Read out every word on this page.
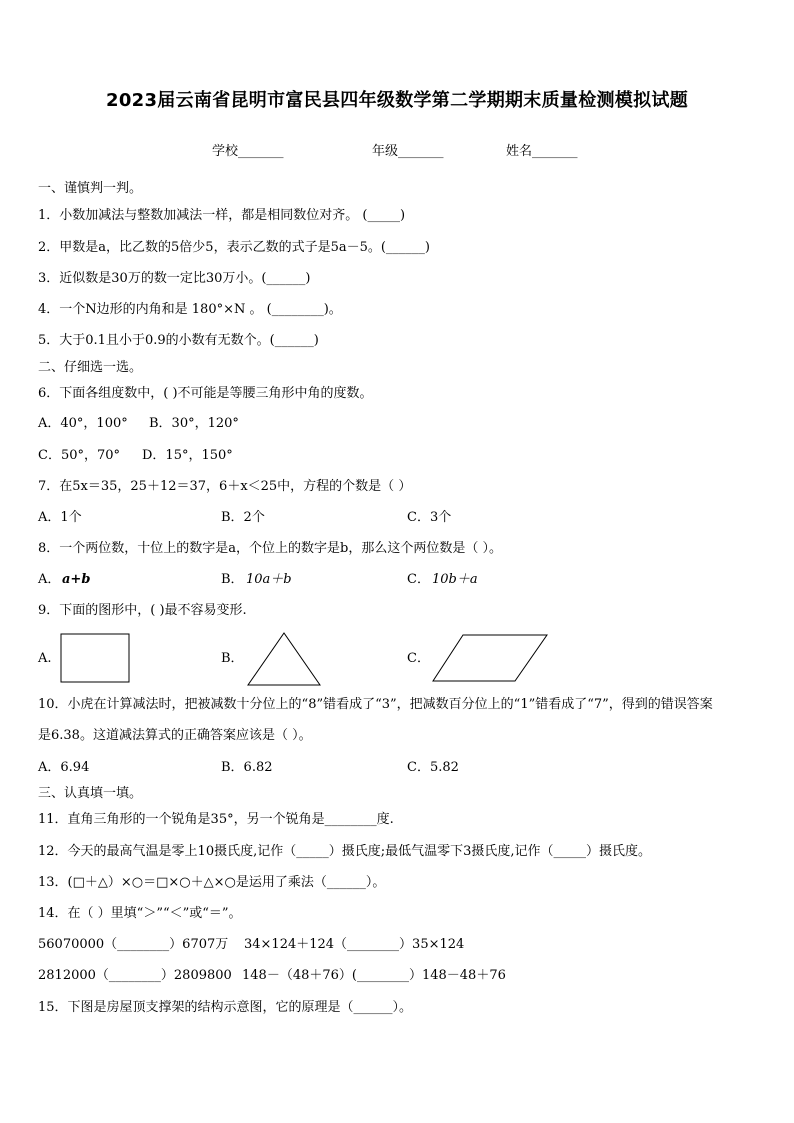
2023届云南省昆明市富民县四年级数学第二学期期末质量检测模拟试题
学校_______	年级_______	姓名_______
一、谨慎判一判。
1．小数加减法与整数加减法一样，都是相同数位对齐。 (_____)
2．甲数是a，比乙数的5倍少5，表示乙数的式子是5a－5。(______)
3．近似数是30万的数一定比30万小。(______)
4．一个N边形的内角和是 180°×N 。 (________)。
5．大于0.1且小于0.9的小数有无数个。(______)
二、仔细选一选。
6．下面各组度数中，( )不可能是等腰三角形中角的度数。
A．40°，100° B．30°，120°
C．50°，70° D．15°，150°
7．在5x＝35，25＋12＝37，6＋x＜25中，方程的个数是（ ）
A．1个	B．2个	C．3个
8．一个两位数，十位上的数字是a，个位上的数字是b，那么这个两位数是（ ）。
A． a+b	B． 10a＋b	C． 10b＋a
9．下面的图形中，( )最不容易变形.
A.	B．	C．
10．小虎在计算减法时，把被减数十分位上的“8”错看成了“3”，把减数百分位上的“1”错看成了“7”，得到的错误答案
是6.38。这道减法算式的正确答案应该是（ ）。
A．6.94	B．6.82	C．5.82
三、认真填一填。
11．直角三角形的一个锐角是35°，另一个锐角是________度.
12．今天的最高气温是零上10摄氏度,记作（_____）摄氏度;最低气温零下3摄氏度,记作（_____）摄氏度。
13．(□＋△）×○＝□×○＋△×○是运用了乘法（______）。
14．在（ ）里填“＞”“＜”或“＝”。
56070000（________）6707万 34×124＋124（________）35×124
2812000（________）2809800 148－（48＋76）(________）148－48＋76
15．下图是房屋顶支撑架的结构示意图，它的原理是（______）。
